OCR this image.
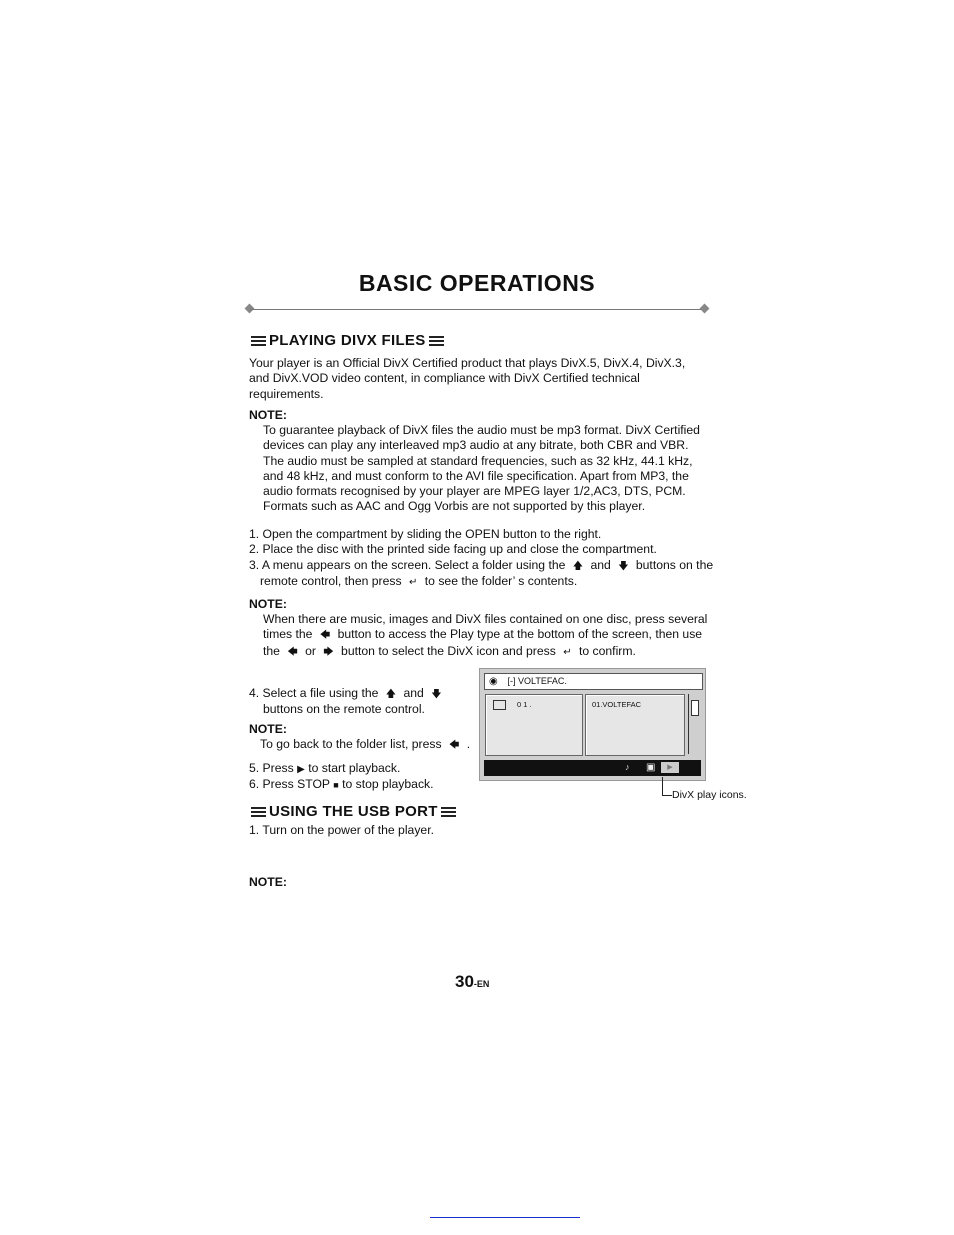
BASIC OPERATIONS
PLAYING DIVX FILES
Your player is an Official DivX Certified product that plays DivX.5, DivX.4, DivX.3,
and DivX.VOD video content, in compliance with DivX Certified technical
requirements.
NOTE:
To guarantee playback of DivX files the audio must be mp3 format. DivX Certified
devices can play any interleaved mp3 audio at any bitrate, both CBR and VBR.
The audio must be sampled at standard frequencies, such as 32 kHz, 44.1 kHz,
and 48 kHz, and must conform to the AVI file specification. Apart from MP3, the
audio formats recognised by your player are MPEG layer 1/2,AC3, DTS, PCM.
Formats such as AAC and Ogg Vorbis are not supported by this player.
1. Open the compartment by sliding the OPEN button to the right.
2. Place the disc with the printed side facing up and close the compartment.
3. A menu appears on the screen. Select a folder using the 🡅 and 🡇 buttons on the
remote control, then press ↵ to see the folder’ s contents.
NOTE:
When there are music, images and DivX files contained on one disc, press several
times the 🡄 button to access the Play type at the bottom of the screen, then use
the 🡄 or 🡆 button to select the DivX icon and press ↵ to confirm.
4. Select a file using the 🡅 and 🡇
buttons on the remote control.
NOTE:
To go back to the folder list, press 🡄 .
5. Press ▶ to start playback.
6. Press STOP ■ to stop playback.
◉ [-] VOLTEFAC.
0 1 .	01.VOLTEFAC
♪ ▣	▶
DivX play icons.
USING THE USB PORT
1. Turn on the power of the player.
NOTE:
30-EN
